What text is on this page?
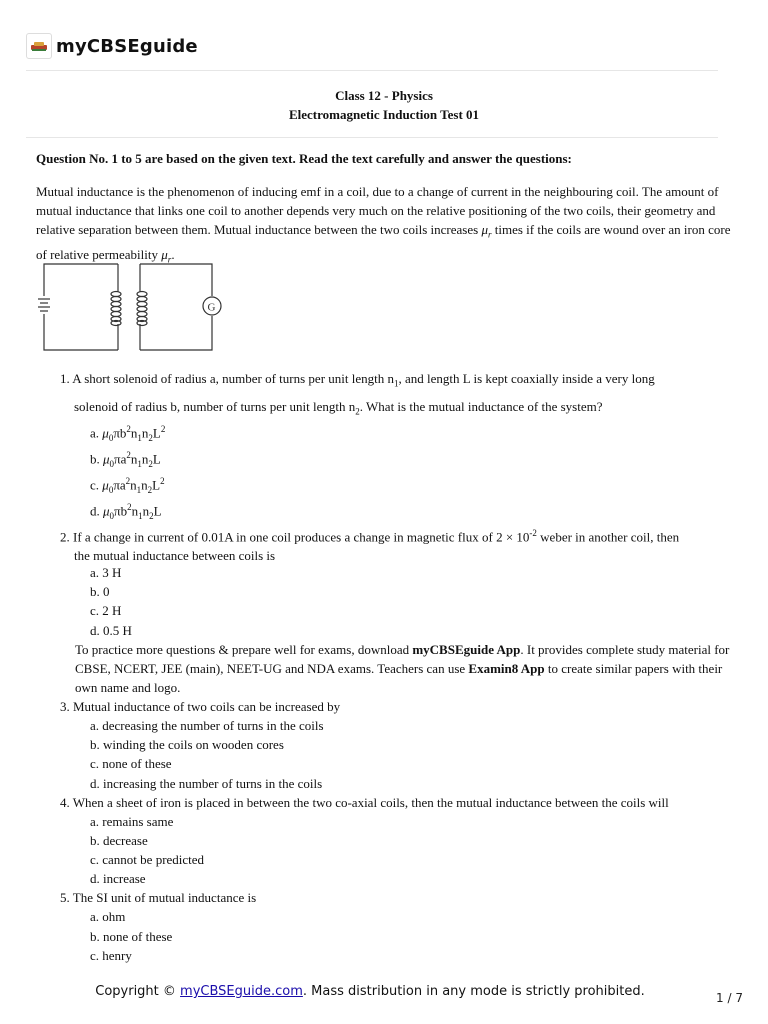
myCBSEguide
Class 12 - Physics
Electromagnetic Induction Test 01
Question No. 1 to 5 are based on the given text. Read the text carefully and answer the questions:
Mutual inductance is the phenomenon of inducing emf in a coil, due to a change of current in the neighbouring coil. The amount of mutual inductance that links one coil to another depends very much on the relative positioning of the two coils, their geometry and relative separation between them. Mutual inductance between the two coils increases $\mu_r$ times if the coils are wound over an iron core of relative permeability $\mu_r$.
G
1. A short solenoid of radius a, number of turns per unit length $n_1$, and length L is kept coaxially inside a very long
solenoid of radius b, number of turns per unit length $n_2$. What is the mutual inductance of the system?
a. $\mu_0\pi b^2n_1n_2L^2$
b. $\mu_0\pi a^2n_1n_2L$
c. $\mu_0\pi a^2n_1n_2L^2$
d. $\mu_0\pi b^2n_1n_2L$
2. If a change in current of 0.01A in one coil produces a change in magnetic flux of $2 \times 10^{-2}$ weber in another coil, then
the mutual inductance between coils is
a. 3 H
b. 0
c. 2 H
d. 0.5 H
To practice more questions & prepare well for exams, download myCBSEguide App. It provides complete study material for CBSE, NCERT, JEE (main), NEET-UG and NDA exams. Teachers can use Examin8 App to create similar papers with their own name and logo.
3. Mutual inductance of two coils can be increased by
a. decreasing the number of turns in the coils
b. winding the coils on wooden cores
c. none of these
d. increasing the number of turns in the coils
4. When a sheet of iron is placed in between the two co-axial coils, then the mutual inductance between the coils will
a. remains same
b. decrease
c. cannot be predicted
d. increase
5. The SI unit of mutual inductance is
a. ohm
b. none of these
c. henry
Copyright © myCBSEguide.com. Mass distribution in any mode is strictly prohibited.	1 / 7
